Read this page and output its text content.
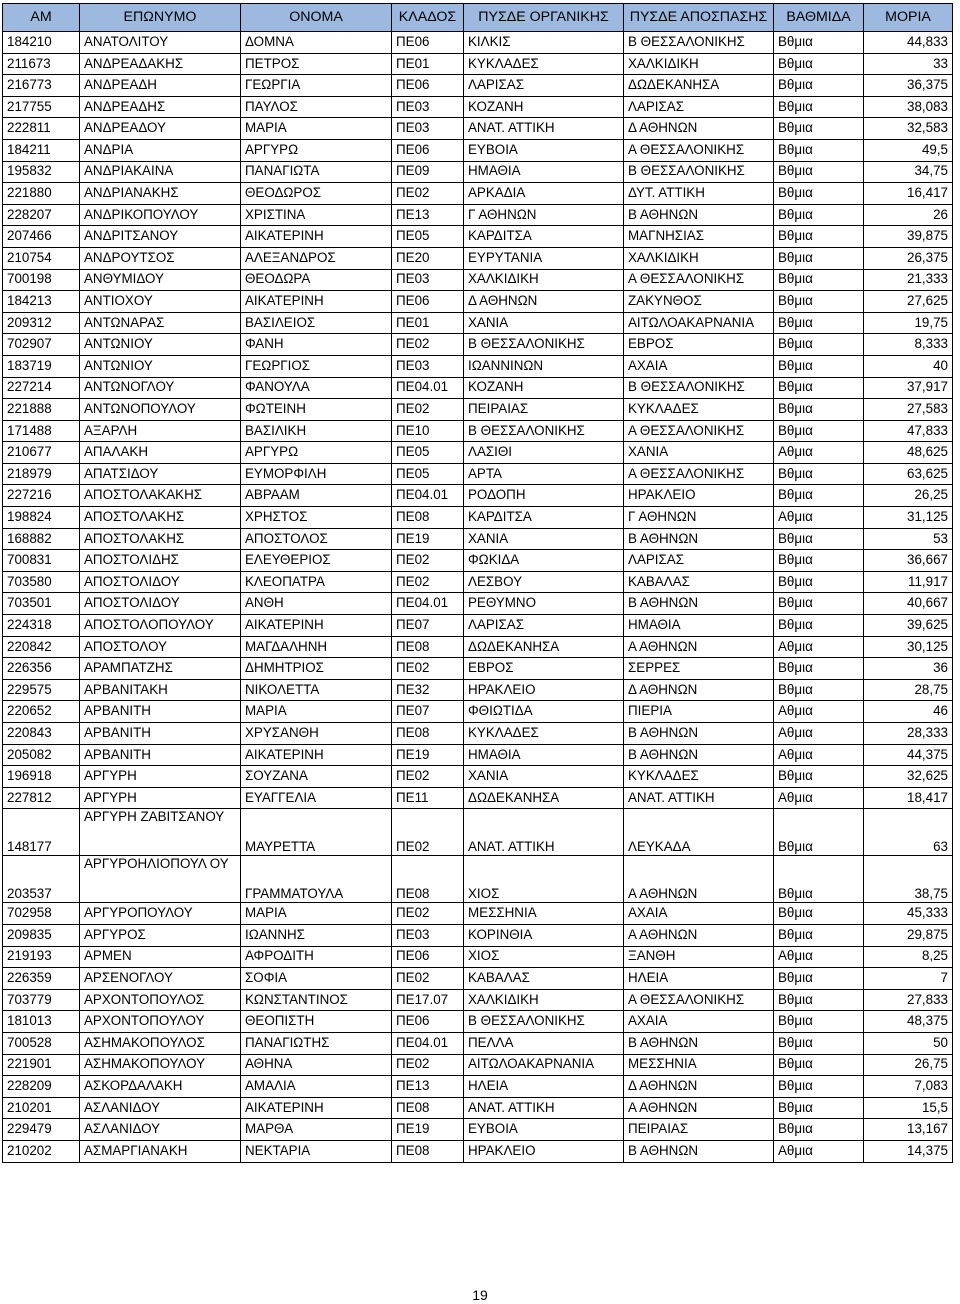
ΑΜ	ΕΠΩΝΥΜΟ	ΟΝΟΜΑ	ΚΛΑΔΟΣ	ΠΥΣΔΕ ΟΡΓΑΝΙΚΗΣ	ΠΥΣΔΕ ΑΠΟΣΠΑΣΗΣ	ΒΑΘΜΙΔΑ	ΜΟΡΙΑ
184210	ΑΝΑΤΟΛΙΤΟΥ	ΔΟΜΝΑ	ΠΕ06	ΚΙΛΚΙΣ	Β ΘΕΣΣΑΛΟΝΙΚΗΣ	Βθμια	44,833
211673	ΑΝΔΡΕΑΔΑΚΗΣ	ΠΕΤΡΟΣ	ΠΕ01	ΚΥΚΛΑΔΕΣ	ΧΑΛΚΙΔΙΚΗ	Βθμια	33
216773	ΑΝΔΡΕΑΔΗ	ΓΕΩΡΓΙΑ	ΠΕ06	ΛΑΡΙΣΑΣ	ΔΩΔΕΚΑΝΗΣΑ	Βθμια	36,375
217755	ΑΝΔΡΕΑΔΗΣ	ΠΑΥΛΟΣ	ΠΕ03	ΚΟΖΑΝΗ	ΛΑΡΙΣΑΣ	Βθμια	38,083
222811	ΑΝΔΡΕΑΔΟΥ	ΜΑΡΙΑ	ΠΕ03	ΑΝΑΤ. ΑΤΤΙΚΗ	Δ ΑΘΗΝΩΝ	Βθμια	32,583
184211	ΑΝΔΡΙΑ	ΑΡΓΥΡΩ	ΠΕ06	ΕΥΒΟΙΑ	Α ΘΕΣΣΑΛΟΝΙΚΗΣ	Βθμια	49,5
195832	ΑΝΔΡΙΑΚΑΙΝΑ	ΠΑΝΑΓΙΩΤΑ	ΠΕ09	ΗΜΑΘΙΑ	Β ΘΕΣΣΑΛΟΝΙΚΗΣ	Βθμια	34,75
221880	ΑΝΔΡΙΑΝΑΚΗΣ	ΘΕΟΔΩΡΟΣ	ΠΕ02	ΑΡΚΑΔΙΑ	ΔΥΤ. ΑΤΤΙΚΗ	Βθμια	16,417
228207	ΑΝΔΡΙΚΟΠΟΥΛΟΥ	ΧΡΙΣΤΙΝΑ	ΠΕ13	Γ ΑΘΗΝΩΝ	Β ΑΘΗΝΩΝ	Βθμια	26
207466	ΑΝΔΡΙΤΣΑΝΟΥ	ΑΙΚΑΤΕΡΙΝΗ	ΠΕ05	ΚΑΡΔΙΤΣΑ	ΜΑΓΝΗΣΙΑΣ	Βθμια	39,875
210754	ΑΝΔΡΟΥΤΣΟΣ	ΑΛΕΞΑΝΔΡΟΣ	ΠΕ20	ΕΥΡΥΤΑΝΙΑ	ΧΑΛΚΙΔΙΚΗ	Βθμια	26,375
700198	ΑΝΘΥΜΙΔΟΥ	ΘΕΟΔΩΡΑ	ΠΕ03	ΧΑΛΚΙΔΙΚΗ	Α ΘΕΣΣΑΛΟΝΙΚΗΣ	Βθμια	21,333
184213	ΑΝΤΙΟΧΟΥ	ΑΙΚΑΤΕΡΙΝΗ	ΠΕ06	Δ ΑΘΗΝΩΝ	ΖΑΚΥΝΘΟΣ	Βθμια	27,625
209312	ΑΝΤΩΝΑΡΑΣ	ΒΑΣΙΛΕΙΟΣ	ΠΕ01	ΧΑΝΙΑ	ΑΙΤΩΛΟΑΚΑΡΝΑΝΙΑ	Βθμια	19,75
702907	ΑΝΤΩΝΙΟΥ	ΦΑΝΗ	ΠΕ02	Β ΘΕΣΣΑΛΟΝΙΚΗΣ	ΕΒΡΟΣ	Βθμια	8,333
183719	ΑΝΤΩΝΙΟΥ	ΓΕΩΡΓΙΟΣ	ΠΕ03	ΙΩΑΝΝΙΝΩΝ	ΑΧΑΙΑ	Βθμια	40
227214	ΑΝΤΩΝΟΓΛΟΥ	ΦΑΝΟΥΛΑ	ΠΕ04.01	ΚΟΖΑΝΗ	Β ΘΕΣΣΑΛΟΝΙΚΗΣ	Βθμια	37,917
221888	ΑΝΤΩΝΟΠΟΥΛΟΥ	ΦΩΤΕΙΝΗ	ΠΕ02	ΠΕΙΡΑΙΑΣ	ΚΥΚΛΑΔΕΣ	Βθμια	27,583
171488	ΑΞΑΡΛΗ	ΒΑΣΙΛΙΚΗ	ΠΕ10	Β ΘΕΣΣΑΛΟΝΙΚΗΣ	Α ΘΕΣΣΑΛΟΝΙΚΗΣ	Βθμια	47,833
210677	ΑΠΑΛΑΚΗ	ΑΡΓΥΡΩ	ΠΕ05	ΛΑΣΙΘΙ	ΧΑΝΙΑ	Αθμια	48,625
218979	ΑΠΑΤΣΙΔΟΥ	ΕΥΜΟΡΦΙΛΗ	ΠΕ05	ΑΡΤΑ	Α ΘΕΣΣΑΛΟΝΙΚΗΣ	Βθμια	63,625
227216	ΑΠΟΣΤΟΛΑΚΑΚΗΣ	ΑΒΡΑΑΜ	ΠΕ04.01	ΡΟΔΟΠΗ	ΗΡΑΚΛΕΙΟ	Βθμια	26,25
198824	ΑΠΟΣΤΟΛΑΚΗΣ	ΧΡΗΣΤΟΣ	ΠΕ08	ΚΑΡΔΙΤΣΑ	Γ ΑΘΗΝΩΝ	Αθμια	31,125
168882	ΑΠΟΣΤΟΛΑΚΗΣ	ΑΠΟΣΤΟΛΟΣ	ΠΕ19	ΧΑΝΙΑ	Β ΑΘΗΝΩΝ	Βθμια	53
700831	ΑΠΟΣΤΟΛΙΔΗΣ	ΕΛΕΥΘΕΡΙΟΣ	ΠΕ02	ΦΩΚΙΔΑ	ΛΑΡΙΣΑΣ	Βθμια	36,667
703580	ΑΠΟΣΤΟΛΙΔΟΥ	ΚΛΕΟΠΑΤΡΑ	ΠΕ02	ΛΕΣΒΟΥ	ΚΑΒΑΛΑΣ	Βθμια	11,917
703501	ΑΠΟΣΤΟΛΙΔΟΥ	ΑΝΘΗ	ΠΕ04.01	ΡΕΘΥΜΝΟ	Β ΑΘΗΝΩΝ	Βθμια	40,667
224318	ΑΠΟΣΤΟΛΟΠΟΥΛΟΥ	ΑΙΚΑΤΕΡΙΝΗ	ΠΕ07	ΛΑΡΙΣΑΣ	ΗΜΑΘΙΑ	Βθμια	39,625
220842	ΑΠΟΣΤΟΛΟΥ	ΜΑΓΔΑΛΗΝΗ	ΠΕ08	ΔΩΔΕΚΑΝΗΣΑ	Α ΑΘΗΝΩΝ	Αθμια	30,125
226356	ΑΡΑΜΠΑΤΖΗΣ	ΔΗΜΗΤΡΙΟΣ	ΠΕ02	ΕΒΡΟΣ	ΣΕΡΡΕΣ	Βθμια	36
229575	ΑΡΒΑΝΙΤΑΚΗ	ΝΙΚΟΛΕΤΤΑ	ΠΕ32	ΗΡΑΚΛΕΙΟ	Δ ΑΘΗΝΩΝ	Βθμια	28,75
220652	ΑΡΒΑΝΙΤΗ	ΜΑΡΙΑ	ΠΕ07	ΦΘΙΩΤΙΔΑ	ΠΙΕΡΙΑ	Αθμια	46
220843	ΑΡΒΑΝΙΤΗ	ΧΡΥΣΑΝΘΗ	ΠΕ08	ΚΥΚΛΑΔΕΣ	Β ΑΘΗΝΩΝ	Αθμια	28,333
205082	ΑΡΒΑΝΙΤΗ	ΑΙΚΑΤΕΡΙΝΗ	ΠΕ19	ΗΜΑΘΙΑ	Β ΑΘΗΝΩΝ	Αθμια	44,375
196918	ΑΡΓΥΡΗ	ΣΟΥΖΑΝΑ	ΠΕ02	ΧΑΝΙΑ	ΚΥΚΛΑΔΕΣ	Βθμια	32,625
227812	ΑΡΓΥΡΗ	ΕΥΑΓΓΕΛΙΑ	ΠΕ11	ΔΩΔΕΚΑΝΗΣΑ	ΑΝΑΤ. ΑΤΤΙΚΗ	Αθμια	18,417
148177	ΑΡΓΥΡΗ ΖΑΒΙΤΣΑΝΟΥ	ΜΑΥΡΕΤΤΑ	ΠΕ02	ΑΝΑΤ. ΑΤΤΙΚΗ	ΛΕΥΚΑΔΑ	Βθμια	63
203537	ΑΡΓΥΡΟΗΛΙΟΠΟΥΛ ΟΥ	ΓΡΑΜΜΑΤΟΥΛΑ	ΠΕ08	ΧΙΟΣ	Α ΑΘΗΝΩΝ	Βθμια	38,75
702958	ΑΡΓΥΡΟΠΟΥΛΟΥ	ΜΑΡΙΑ	ΠΕ02	ΜΕΣΣΗΝΙΑ	ΑΧΑΙΑ	Βθμια	45,333
209835	ΑΡΓΥΡΟΣ	ΙΩΑΝΝΗΣ	ΠΕ03	ΚΟΡΙΝΘΙΑ	Α ΑΘΗΝΩΝ	Βθμια	29,875
219193	ΑΡΜΕΝ	ΑΦΡΟΔΙΤΗ	ΠΕ06	ΧΙΟΣ	ΞΑΝΘΗ	Αθμια	8,25
226359	ΑΡΣΕΝΟΓΛΟΥ	ΣΟΦΙΑ	ΠΕ02	ΚΑΒΑΛΑΣ	ΗΛΕΙΑ	Βθμια	7
703779	ΑΡΧΟΝΤΟΠΟΥΛΟΣ	ΚΩΝΣΤΑΝΤΙΝΟΣ	ΠΕ17.07	ΧΑΛΚΙΔΙΚΗ	Α ΘΕΣΣΑΛΟΝΙΚΗΣ	Βθμια	27,833
181013	ΑΡΧΟΝΤΟΠΟΥΛΟΥ	ΘΕΟΠΙΣΤΗ	ΠΕ06	Β ΘΕΣΣΑΛΟΝΙΚΗΣ	ΑΧΑΙΑ	Βθμια	48,375
700528	ΑΣΗΜΑΚΟΠΟΥΛΟΣ	ΠΑΝΑΓΙΩΤΗΣ	ΠΕ04.01	ΠΕΛΛΑ	Β ΑΘΗΝΩΝ	Βθμια	50
221901	ΑΣΗΜΑΚΟΠΟΥΛΟΥ	ΑΘΗΝΑ	ΠΕ02	ΑΙΤΩΛΟΑΚΑΡΝΑΝΙΑ	ΜΕΣΣΗΝΙΑ	Βθμια	26,75
228209	ΑΣΚΟΡΔΑΛΑΚΗ	ΑΜΑΛΙΑ	ΠΕ13	ΗΛΕΙΑ	Δ ΑΘΗΝΩΝ	Βθμια	7,083
210201	ΑΣΛΑΝΙΔΟΥ	ΑΙΚΑΤΕΡΙΝΗ	ΠΕ08	ΑΝΑΤ. ΑΤΤΙΚΗ	Α ΑΘΗΝΩΝ	Βθμια	15,5
229479	ΑΣΛΑΝΙΔΟΥ	ΜΑΡΘΑ	ΠΕ19	ΕΥΒΟΙΑ	ΠΕΙΡΑΙΑΣ	Βθμια	13,167
210202	ΑΣΜΑΡΓΙΑΝΑΚΗ	ΝΕΚΤΑΡΙΑ	ΠΕ08	ΗΡΑΚΛΕΙΟ	Β ΑΘΗΝΩΝ	Αθμια	14,375
19
